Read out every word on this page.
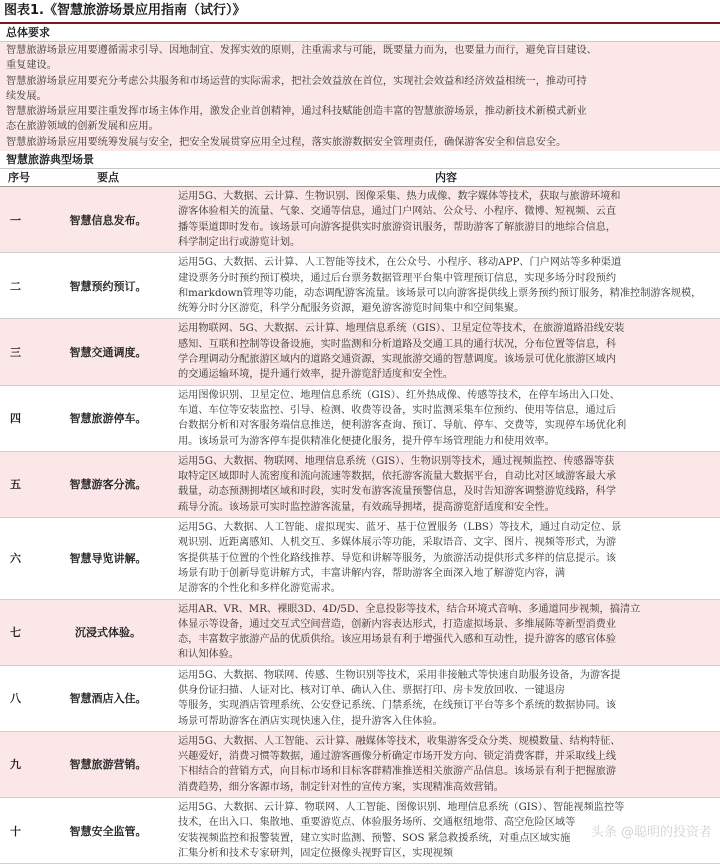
图表1.《智慧旅游场景应用指南（试行）》
总体要求
智慧旅游场景应用要遵循需求引导、因地制宜、发挥实效的原则，注重需求与可能，既要量力而为，也要量力而行，避免盲目建设、
重复建设。
智慧旅游场景应用要充分考虑公共服务和市场运营的实际需求，把社会效益放在首位，实现社会效益和经济效益相统一，推动可持
续发展。
智慧旅游场景应用要注重发挥市场主体作用，激发企业首创精神，通过科技赋能创造丰富的智慧旅游场景，推动新技术新模式新业
态在旅游领域的创新发展和应用。
智慧旅游场景应用要统筹发展与安全，把安全发展贯穿应用全过程，落实旅游数据安全管理责任，确保游客安全和信息安全。
智慧旅游典型场景
序号	要点	内容
一	智慧信息发布。	运用5G、大数据、云计算、生物识别、图像采集、热力成像、数字媒体等技术，获取与旅游环境和
游客体验相关的流量、气象、交通等信息，通过门户网站、公众号、小程序、微博、短视频、云直
播等渠道即时发布。该场景可向游客提供实时旅游资讯服务，帮助游客了解旅游目的地综合信息，
科学制定出行或游览计划。

二	智慧预约预订。	运用5G、大数据、云计算、人工智能等技术，在公众号、小程序、移动APP、门户网站等多种渠道
建设票务分时预约预订模块，通过后台票务数据管理平台集中管理预订信息，实现多场分时段预约
和markdown管理等功能，动态调配游客流量。该场景可以向游客提供线上票务预约预订服务，精准控制游客规模，
统筹分时分区游览，科学分配服务资源，避免游客游览时间集中和空间集聚。

三	智慧交通调度。	运用物联网、5G、大数据、云计算、地理信息系统（GIS）、卫星定位等技术，在旅游道路沿线安装
感知、互联和控制等设备设施，实时监测和分析道路及交通工具的通行状况，分布位置等信息，科
学合理调动分配旅游区域内的道路交通资源，实现旅游交通的智慧调度。该场景可优化旅游区域内
的交通运输环境，提升通行效率，提升游览舒适度和安全性。

四	智慧旅游停车。	运用图像识别、卫星定位、地理信息系统（GIS）、红外热成像、传感等技术，在停车场出入口处、
车道、车位等安装监控、引导、检测、收费等设备，实时监测采集车位预约、使用等信息，通过后
台数据分析和对客服务端信息推送，便利游客查询、预订、导航、停车、交费等，实现停车场优化利
用。该场景可为游客停车提供精准化便捷化服务，提升停车场管理能力和使用效率。

五	智慧游客分流。	运用5G、大数据、物联网、地理信息系统（GIS）、生物识别等技术，通过视频监控、传感器等获
取特定区域即时人流密度和流向流速等数据，依托游客流量大数据平台，自动比对区域游客最大承
载量，动态预测拥堵区域和时段，实时发布游客流量预警信息，及时告知游客调整游览线路，科学
疏导分流。该场景可实时监控游客流量，有效疏导拥堵，提高游览舒适度和安全性。

六	智慧导览讲解。	运用5G、大数据、人工智能、虚拟现实、蓝牙、基于位置服务（LBS）等技术，通过自动定位、景
观识别、近距离感知、人机交互、多媒体展示等功能，采取语音、文字、图片、视频等形式，为游
客提供基于位置的个性化路线推荐、导览和讲解等服务，为旅游活动提供形式多样的信息提示。该
场景有助于创新导览讲解方式，丰富讲解内容，帮助游客全面深入地了解游览内容，满
足游客的个性化和多样化游览需求。

七	沉浸式体验。	运用AR、VR、MR、裸眼3D、4D/5D、全息投影等技术，结合环境式音响、多通道同步视频，搞清立
体显示等设备，通过交互式空间营造，创新内容表达形式，打造虚拟场景、多维展陈等新型消费业
态，丰富数字旅游产品的优质供给。该应用场景有利于增强代入感和互动性，提升游客的感官体验
和认知体验。

八	智慧酒店入住。	运用5G、大数据、物联网、传感、生物识别等技术，采用非接触式等快速自助服务设备，为游客提
供身份证扫描、人证对比、核对订单、确认入住、票据打印、房卡发放回收、一键退房
等服务，实现酒店管理系统、公安登记系统、门禁系统，在线预订平台等多个系统的数据协同。该
场景可帮助游客在酒店实现快速入住，提升游客入住体验。

九	智慧旅游营销。	运用5G、大数据、人工智能、云计算、融媒体等技术，收集游客受众分类、规模数量、结构特征、
兴趣爱好，消费习惯等数据，通过游客画像分析确定市场开发方向、锁定消费客群，并采取线上线
下相结合的营销方式，向目标市场和目标客群精准推送相关旅游产品信息。该场景有利于把握旅游
消费趋势，细分客源市场，制定针对性的宣传方案，实现精准高效营销。

十	智慧安全监管。	运用5G、大数据、云计算、物联网、人工智能、图像识别、地理信息系统（GIS）、智能视频监控等
技术，在出入口、集散地、重要游览点、体验服务场所、交通枢纽地带、高空危险区域等
安装视频监控和报警装置，建立实时监测、预警、SOS 紧急救援系统，对重点区域实施
汇集分析和技术专家研判，固定位摄像头视野盲区，实现视频
头条 @聪明的投资者
